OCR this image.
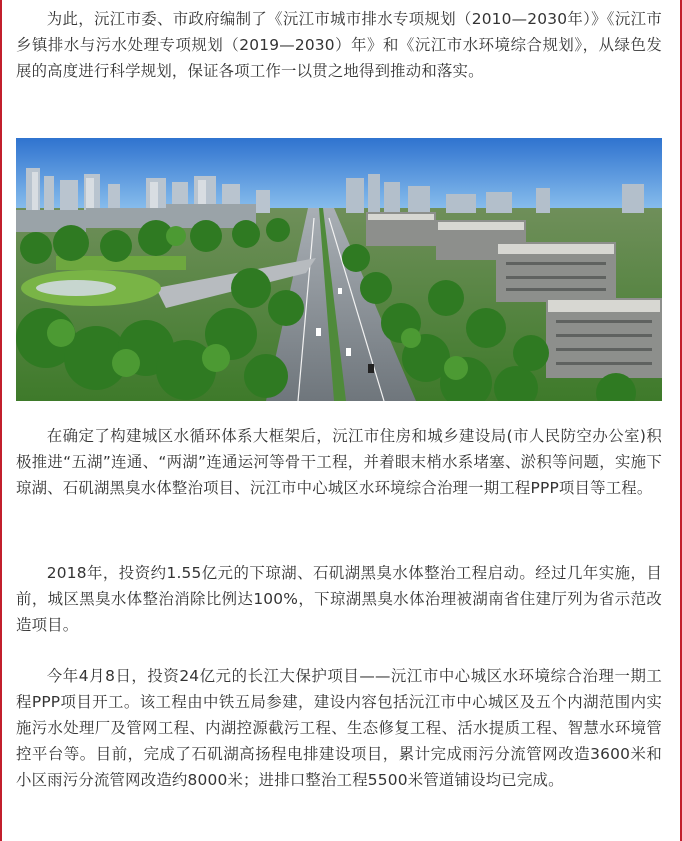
为此，沅江市委、市政府编制了《沅江市城市排水专项规划（2010—2030年）》《沅江市乡镇排水与污水处理专项规划（2019—2030）年》和《沅江市水环境综合规划》，从绿色发展的高度进行科学规划，保证各项工作一以贯之地得到推动和落实。

在确定了构建城区水循环体系大框架后，沅江市住房和城乡建设局(市人民防空办公室)积极推进“五湖”连通、“两湖”连通运河等骨干工程，并着眼末梢水系堵塞、淤积等问题，实施下琼湖、石矶湖黑臭水体整治项目、沅江市中心城区水环境综合治理一期工程PPP项目等工程。

2018年，投资约1.55亿元的下琼湖、石矶湖黑臭水体整治工程启动。经过几年实施，目前，城区黑臭水体整治消除比例达100%，下琼湖黑臭水体治理被湖南省住建厅列为省示范改造项目。

今年4月8日，投资24亿元的长江大保护项目——沅江市中心城区水环境综合治理一期工程PPP项目开工。该工程由中铁五局参建，建设内容包括沅江市中心城区及五个内湖范围内实施污水处理厂及管网工程、内湖控源截污工程、生态修复工程、活水提质工程、智慧水环境管控平台等。目前，完成了石矶湖高扬程电排建设项目，累计完成雨污分流管网改造3600米和小区雨污分流管网改造约8000米；进排口整治工程5500米管道铺设均已完成。
